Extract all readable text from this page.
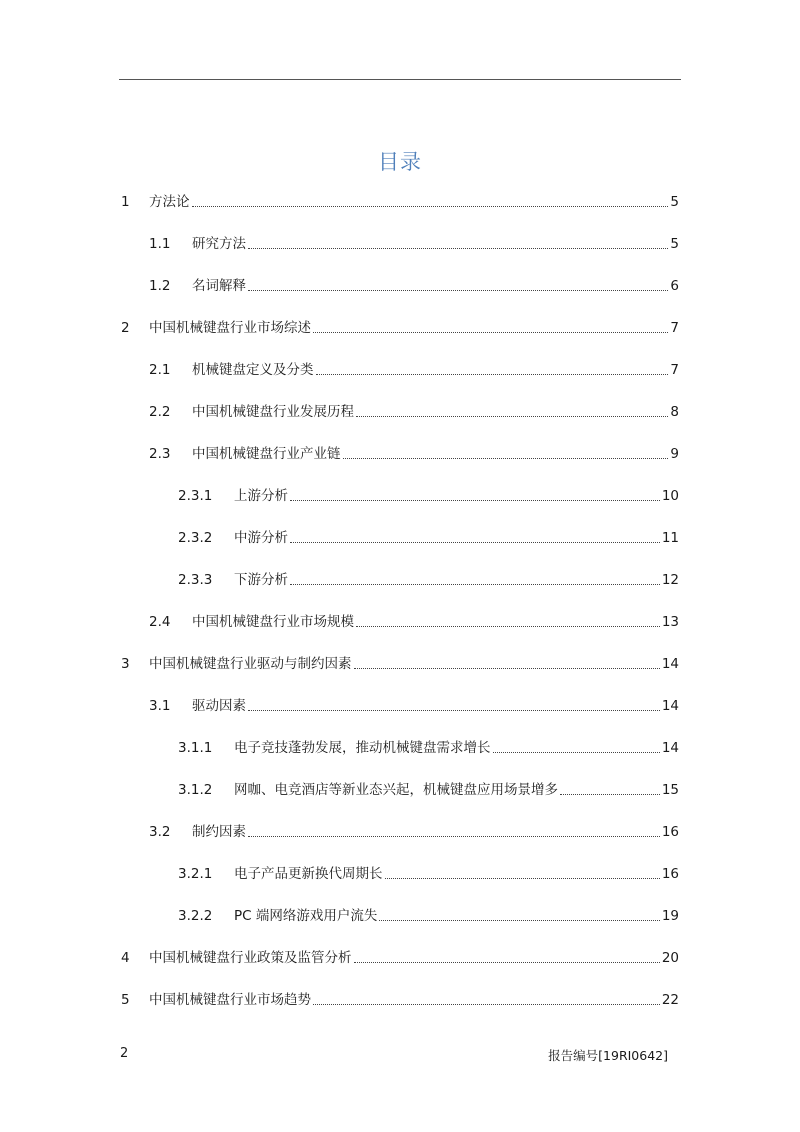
目录
1	方法论	5
1.1	研究方法	5
1.2	名词解释	6
2	中国机械键盘行业市场综述	7
2.1	机械键盘定义及分类	7
2.2	中国机械键盘行业发展历程	8
2.3	中国机械键盘行业产业链	9
2.3.1	上游分析	10
2.3.2	中游分析	11
2.3.3	下游分析	12
2.4	中国机械键盘行业市场规模	13
3	中国机械键盘行业驱动与制约因素	14
3.1	驱动因素	14
3.1.1	电子竞技蓬勃发展，推动机械键盘需求增长	14
3.1.2	网咖、电竞酒店等新业态兴起，机械键盘应用场景增多	15
3.2	制约因素	16
3.2.1	电子产品更新换代周期长	16
3.2.2	PC 端网络游戏用户流失	19
4	中国机械键盘行业政策及监管分析	20
5	中国机械键盘行业市场趋势	22
2	报告编号[19RI0642]
